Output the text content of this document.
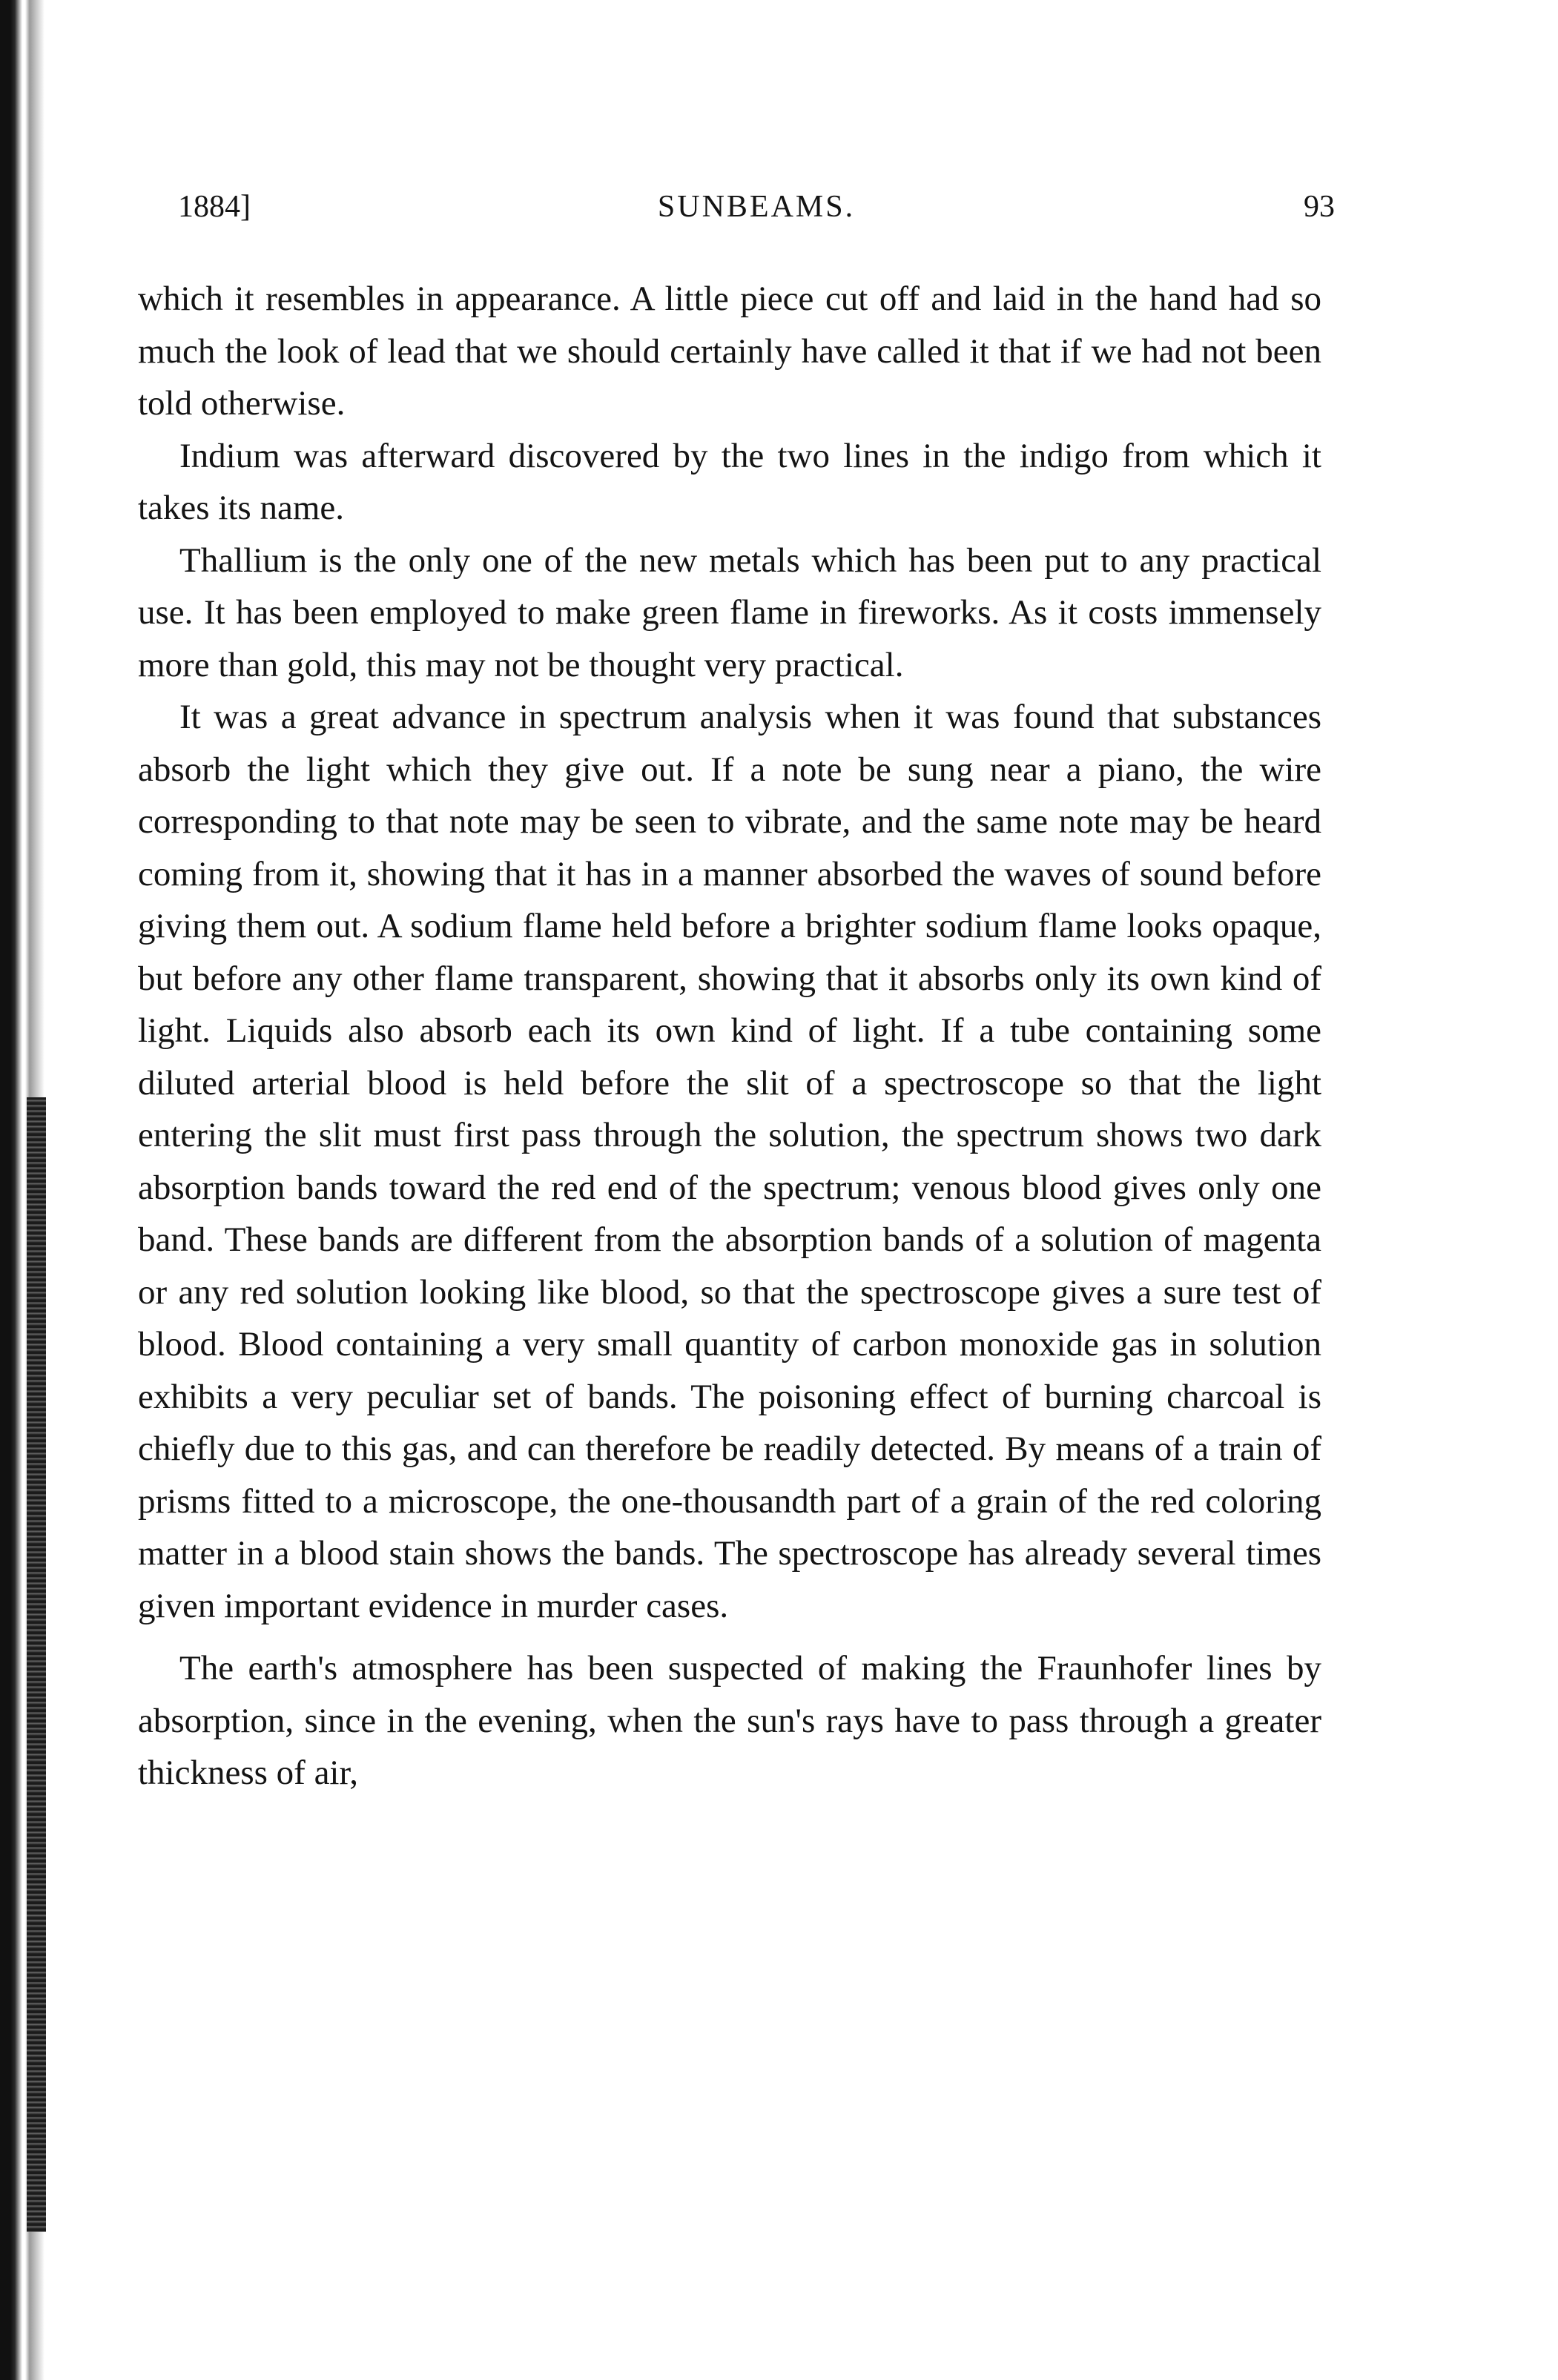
1884]	SUNBEAMS.	93

which it resembles in appearance. A little piece cut off and laid in the hand had so much the look of lead that we should certainly have called it that if we had not been told otherwise.

Indium was afterward discovered by the two lines in the indigo from which it takes its name.

Thallium is the only one of the new metals which has been put to any practical use. It has been employed to make green flame in fireworks. As it costs immensely more than gold, this may not be thought very practical.

It was a great advance in spectrum analysis when it was found that substances absorb the light which they give out. If a note be sung near a piano, the wire corresponding to that note may be seen to vibrate, and the same note may be heard coming from it, showing that it has in a manner absorbed the waves of sound before giving them out. A sodium flame held before a brighter sodium flame looks opaque, but before any other flame transparent, showing that it absorbs only its own kind of light. Liquids also absorb each its own kind of light. If a tube containing some diluted arterial blood is held before the slit of a spectroscope so that the light entering the slit must first pass through the solution, the spectrum shows two dark absorption bands toward the red end of the spectrum; venous blood gives only one band. These bands are different from the absorption bands of a solution of magenta or any red solution looking like blood, so that the spectroscope gives a sure test of blood. Blood containing a very small quantity of carbon monoxide gas in solution exhibits a very peculiar set of bands. The poisoning effect of burning charcoal is chiefly due to this gas, and can therefore be readily detected. By means of a train of prisms fitted to a microscope, the one-thousandth part of a grain of the red coloring matter in a blood stain shows the bands. The spectroscope has already several times given important evidence in murder cases.

The earth's atmosphere has been suspected of making the Fraunhofer lines by absorption, since in the evening, when the sun's rays have to pass through a greater thickness of air,
